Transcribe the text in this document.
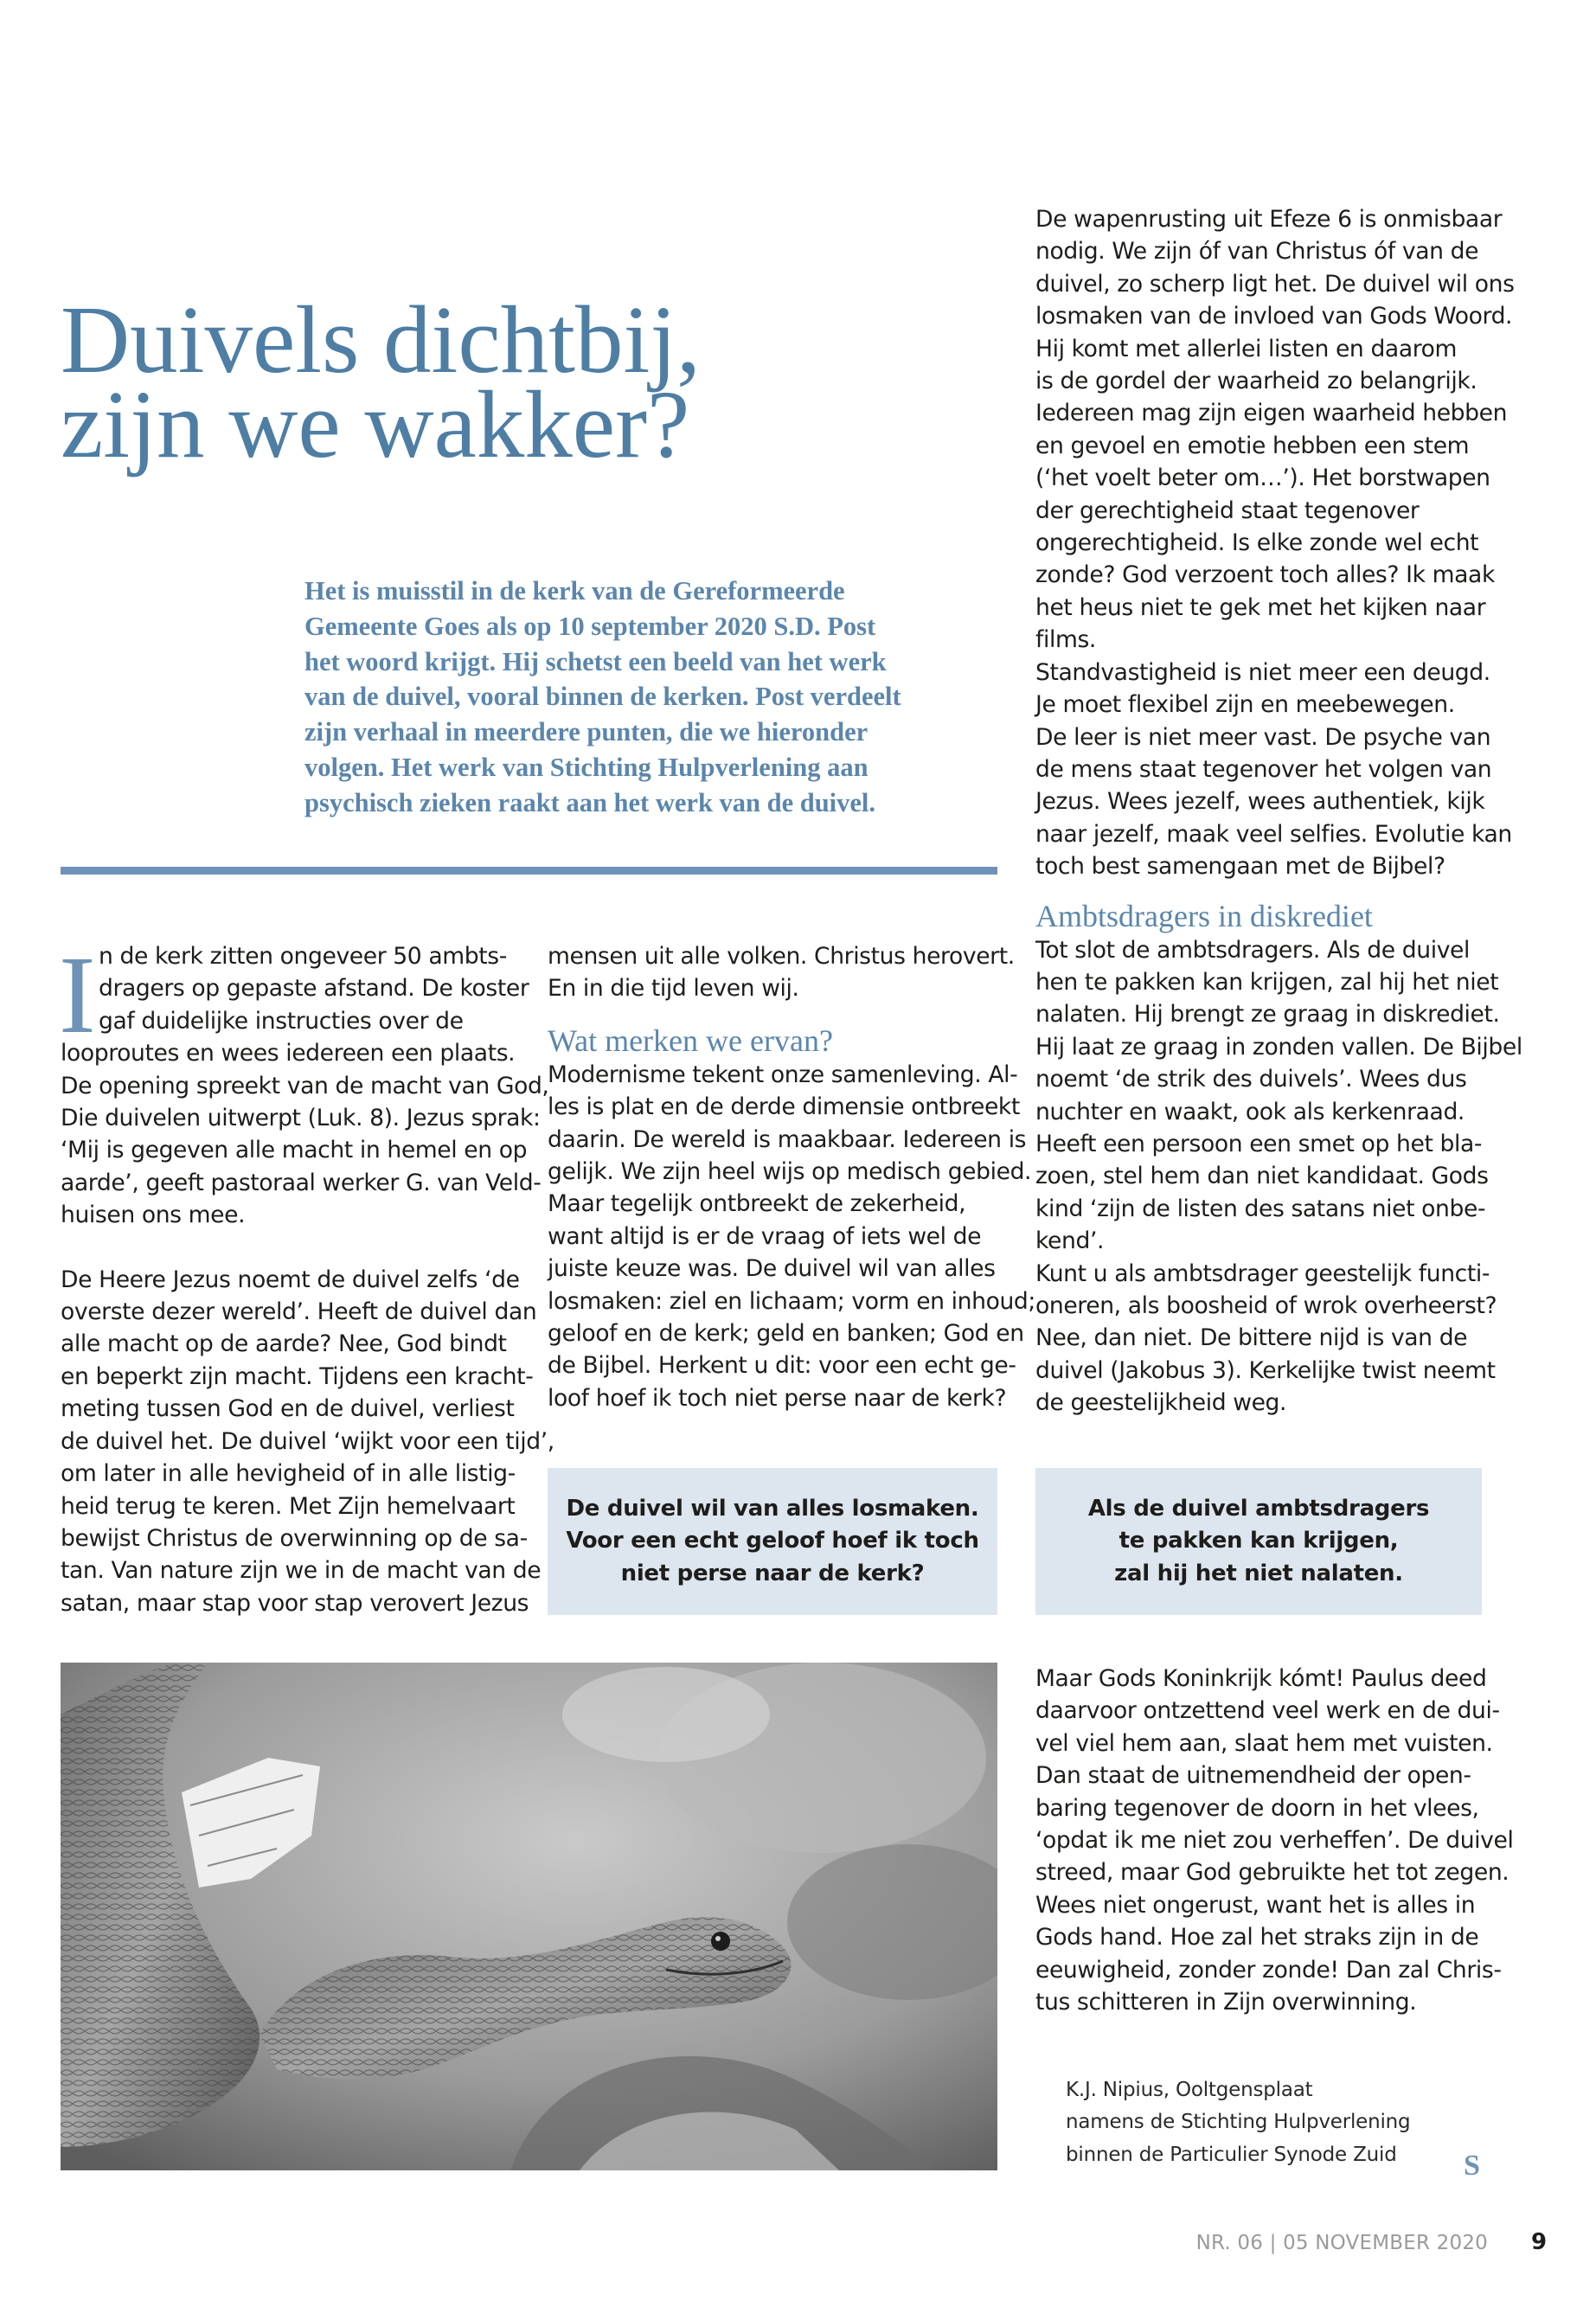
Duivels dichtbij,
zijn we wakker?
Het is muisstil in de kerk van de Gereformeerde
Gemeente Goes als op 10 september 2020 S.D. Post
het woord krijgt. Hij schetst een beeld van het werk
van de duivel, vooral binnen de kerken. Post verdeelt
zijn verhaal in meerdere punten, die we hieronder
volgen. Het werk van Stichting Hulpverlening aan
psychisch zieken raakt aan het werk van de duivel.
I n de kerk zitten ongeveer 50 ambts-

dragers op gepaste afstand. De koster

gaf duidelijke instructies over de

looproutes en wees iedereen een plaats.

De opening spreekt van de macht van God,

Die duivelen uitwerpt (Luk. 8). Jezus sprak:

‘Mij is gegeven alle macht in hemel en op

aarde’, geeft pastoraal werker G. van Veld-

huisen ons mee.

De Heere Jezus noemt de duivel zelfs ‘de

overste dezer wereld’. Heeft de duivel dan

alle macht op de aarde? Nee, God bindt

en beperkt zijn macht. Tijdens een kracht-

meting tussen God en de duivel, verliest

de duivel het. De duivel ‘wijkt voor een tijd’,

om later in alle hevigheid of in alle listig-

heid terug te keren. Met Zijn hemelvaart

bewijst Christus de overwinning op de sa-

tan. Van nature zijn we in de macht van de

satan, maar stap voor stap verovert Jezus

mensen uit alle volken. Christus herovert.

En in die tijd leven wij.

Wat merken we ervan?

Modernisme tekent onze samenleving. Al-

les is plat en de derde dimensie ontbreekt

daarin. De wereld is maakbaar. Iedereen is

gelijk. We zijn heel wijs op medisch gebied.

Maar tegelijk ontbreekt de zekerheid,

want altijd is er de vraag of iets wel de

juiste keuze was. De duivel wil van alles

losmaken: ziel en lichaam; vorm en inhoud;

geloof en de kerk; geld en banken; God en

de Bijbel. Herkent u dit: voor een echt ge-

loof hoef ik toch niet perse naar de kerk?

De duivel wil van alles losmaken.

Voor een echt geloof hoef ik toch

niet perse naar de kerk?

De wapenrusting uit Efeze 6 is onmisbaar

nodig. We zijn óf van Christus óf van de

duivel, zo scherp ligt het. De duivel wil ons

losmaken van de invloed van Gods Woord.

Hij komt met allerlei listen en daarom

is de gordel der waarheid zo belangrijk.

Iedereen mag zijn eigen waarheid hebben

en gevoel en emotie hebben een stem

(‘het voelt beter om…’). Het borstwapen

der gerechtigheid staat tegenover

ongerechtigheid. Is elke zonde wel echt

zonde? God verzoent toch alles? Ik maak

het heus niet te gek met het kijken naar

films.

Standvastigheid is niet meer een deugd.

Je moet flexibel zijn en meebewegen.

De leer is niet meer vast. De psyche van

de mens staat tegenover het volgen van

Jezus. Wees jezelf, wees authentiek, kijk

naar jezelf, maak veel selfies. Evolutie kan

toch best samengaan met de Bijbel?

Ambtsdragers in diskrediet

Tot slot de ambtsdragers. Als de duivel

hen te pakken kan krijgen, zal hij het niet

nalaten. Hij brengt ze graag in diskrediet.

Hij laat ze graag in zonden vallen. De Bijbel

noemt ‘de strik des duivels’. Wees dus

nuchter en waakt, ook als kerkenraad.

Heeft een persoon een smet op het bla-

zoen, stel hem dan niet kandidaat. Gods

kind ‘zijn de listen des satans niet onbe-

kend’.

Kunt u als ambtsdrager geestelijk functi-

oneren, als boosheid of wrok overheerst?

Nee, dan niet. De bittere nijd is van de

duivel (Jakobus 3). Kerkelijke twist neemt

de geestelijkheid weg.

Als de duivel ambtsdragers

te pakken kan krijgen,

zal hij het niet nalaten.

Maar Gods Koninkrijk kómt! Paulus deed

daarvoor ontzettend veel werk en de dui-

vel viel hem aan, slaat hem met vuisten.

Dan staat de uitnemendheid der open-

baring tegenover de doorn in het vlees,

‘opdat ik me niet zou verheffen’. De duivel

streed, maar God gebruikte het tot zegen.

Wees niet ongerust, want het is alles in

Gods hand. Hoe zal het straks zijn in de

eeuwigheid, zonder zonde! Dan zal Chris-

tus schitteren in Zijn overwinning.

K.J. Nipius, Ooltgensplaat

namens de Stichting Hulpverlening

binnen de Particulier Synode Zuid	S
NR. 06 | 05 NOVEMBER 2020 9
